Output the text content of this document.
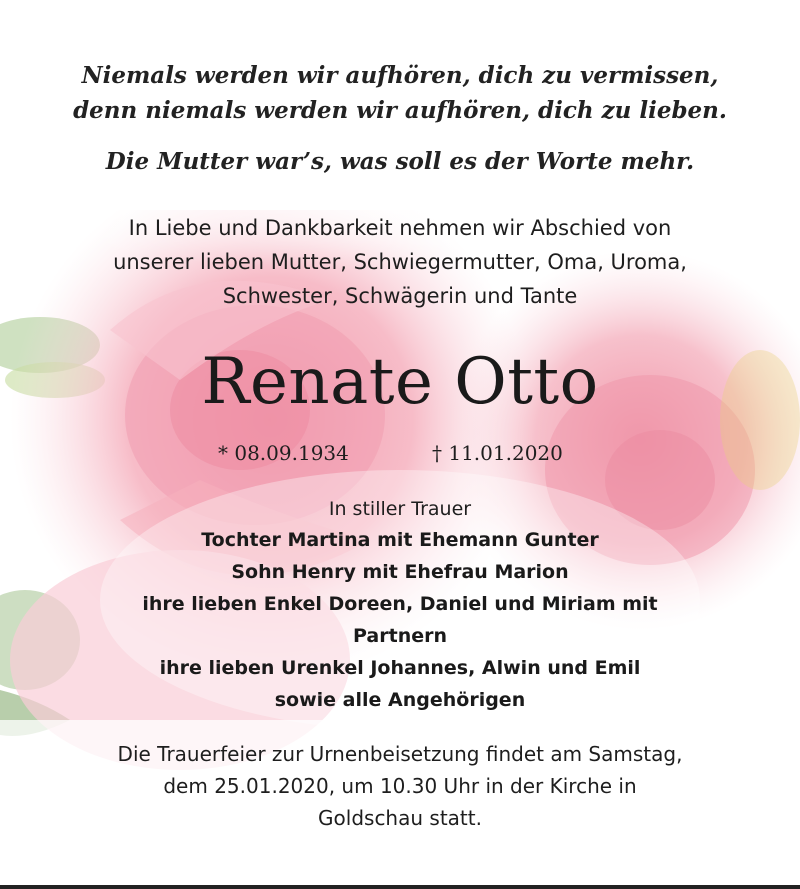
Niemals werden wir aufhören, dich zu vermissen,
denn niemals werden wir aufhören, dich zu lieben.
Die Mutter war’s, was soll es der Worte mehr.
In Liebe und Dankbarkeit nehmen wir Abschied von
unserer lieben Mutter, Schwiegermutter, Oma, Uroma,
Schwester, Schwägerin und Tante
Renate Otto
* 08.09.1934	† 11.01.2020
In stiller Trauer
Tochter Martina mit Ehemann Gunter
Sohn Henry mit Ehefrau Marion
ihre lieben Enkel Doreen, Daniel und Miriam mit
Partnern
ihre lieben Urenkel Johannes, Alwin und Emil
sowie alle Angehörigen
Die Trauerfeier zur Urnenbeisetzung findet am Samstag,
dem 25.01.2020, um 10.30 Uhr in der Kirche in
Goldschau statt.
